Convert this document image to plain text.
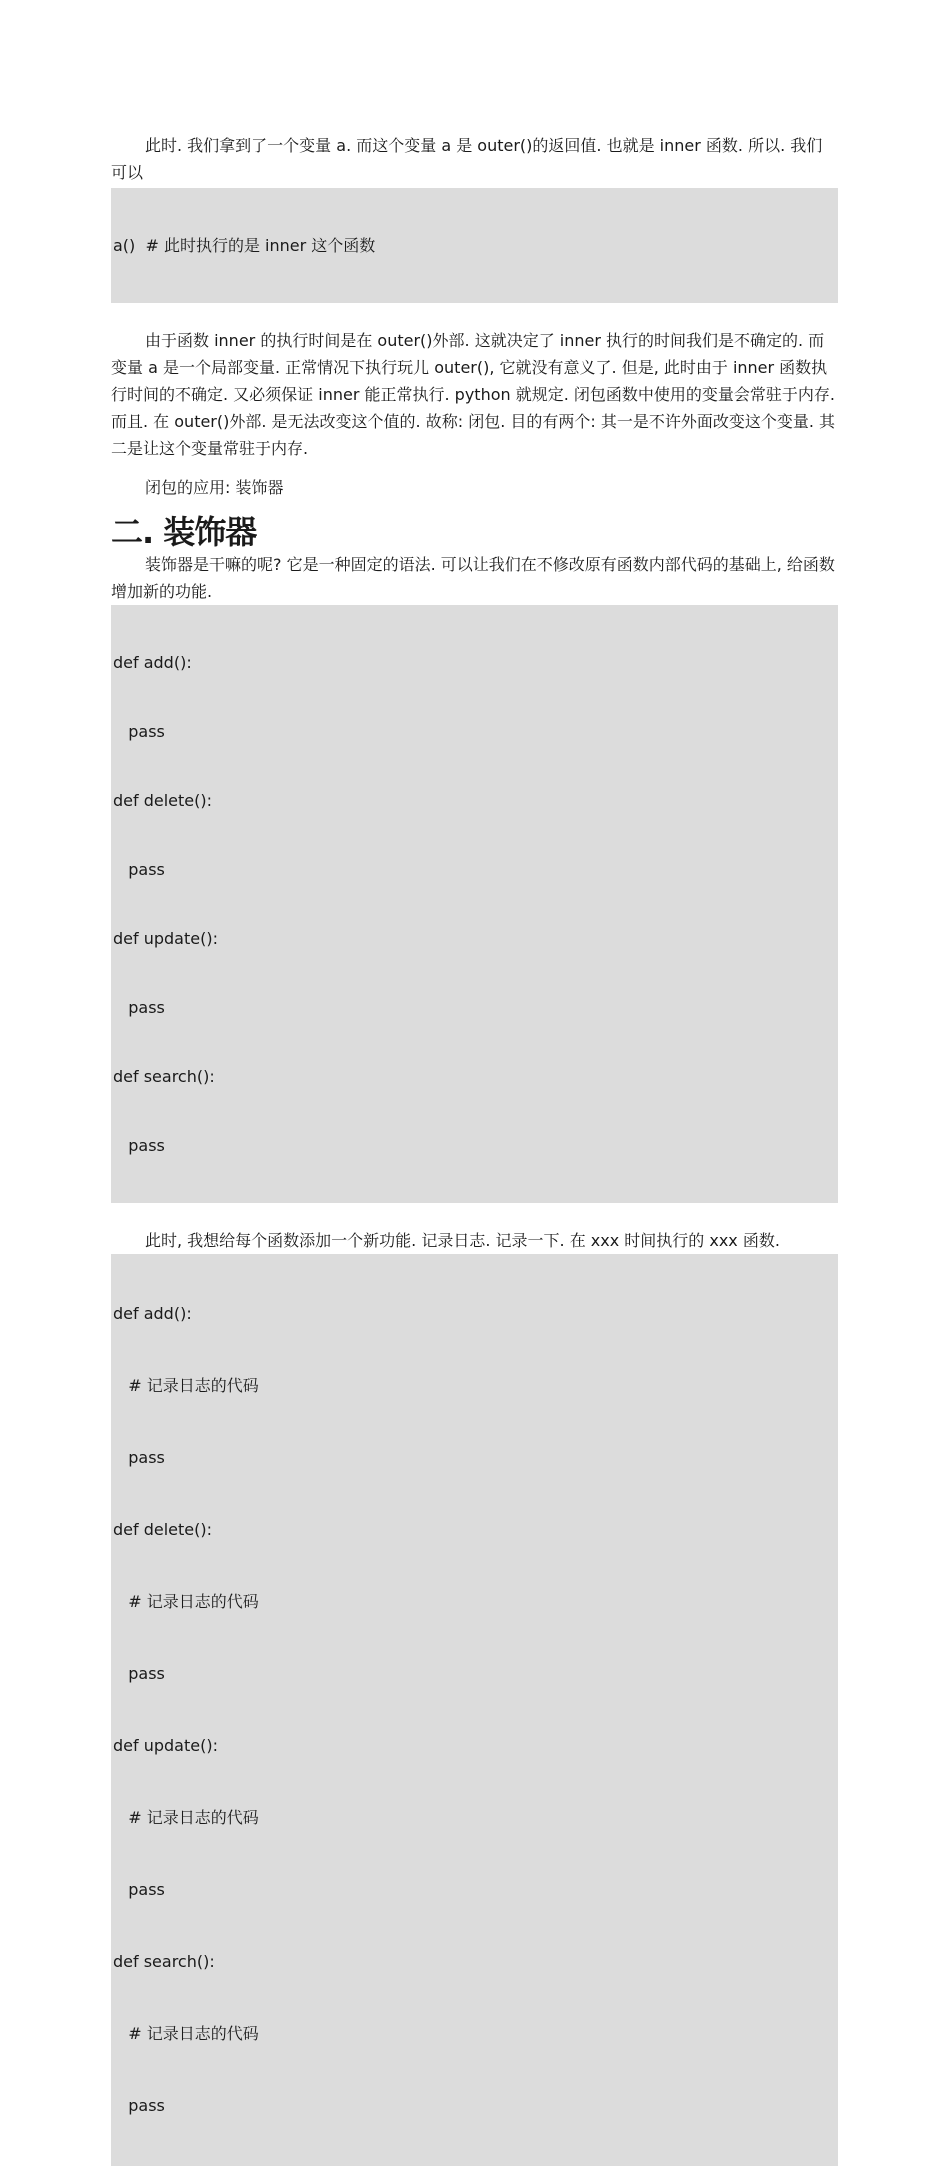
此时. 我们拿到了一个变量 a. 而这个变量 a 是 outer()的返回值. 也就是 inner 函数. 所以. 我们可以

a()  # 此时执行的是 inner 这个函数

由于函数 inner 的执行时间是在 outer()外部. 这就决定了 inner 执行的时间我们是不确定的. 而变量 a 是一个局部变量. 正常情况下执行玩儿 outer(), 它就没有意义了. 但是, 此时由于 inner 函数执行时间的不确定. 又必须保证 inner 能正常执行. python 就规定. 闭包函数中使用的变量会常驻于内存. 而且. 在 outer()外部. 是无法改变这个值的. 故称: 闭包. 目的有两个: 其一是不许外面改变这个变量. 其二是让这个变量常驻于内存.

闭包的应用: 装饰器

二. 装饰器

装饰器是干嘛的呢? 它是一种固定的语法. 可以让我们在不修改原有函数内部代码的基础上, 给函数增加新的功能.

def add():

pass

def delete():

pass

def update():

pass

def search():

pass

此时, 我想给每个函数添加一个新功能. 记录日志. 记录一下. 在 xxx 时间执行的 xxx 函数.

def add():

# 记录日志的代码

pass

def delete():

# 记录日志的代码

pass

def update():

# 记录日志的代码

pass

def search():

# 记录日志的代码

pass
